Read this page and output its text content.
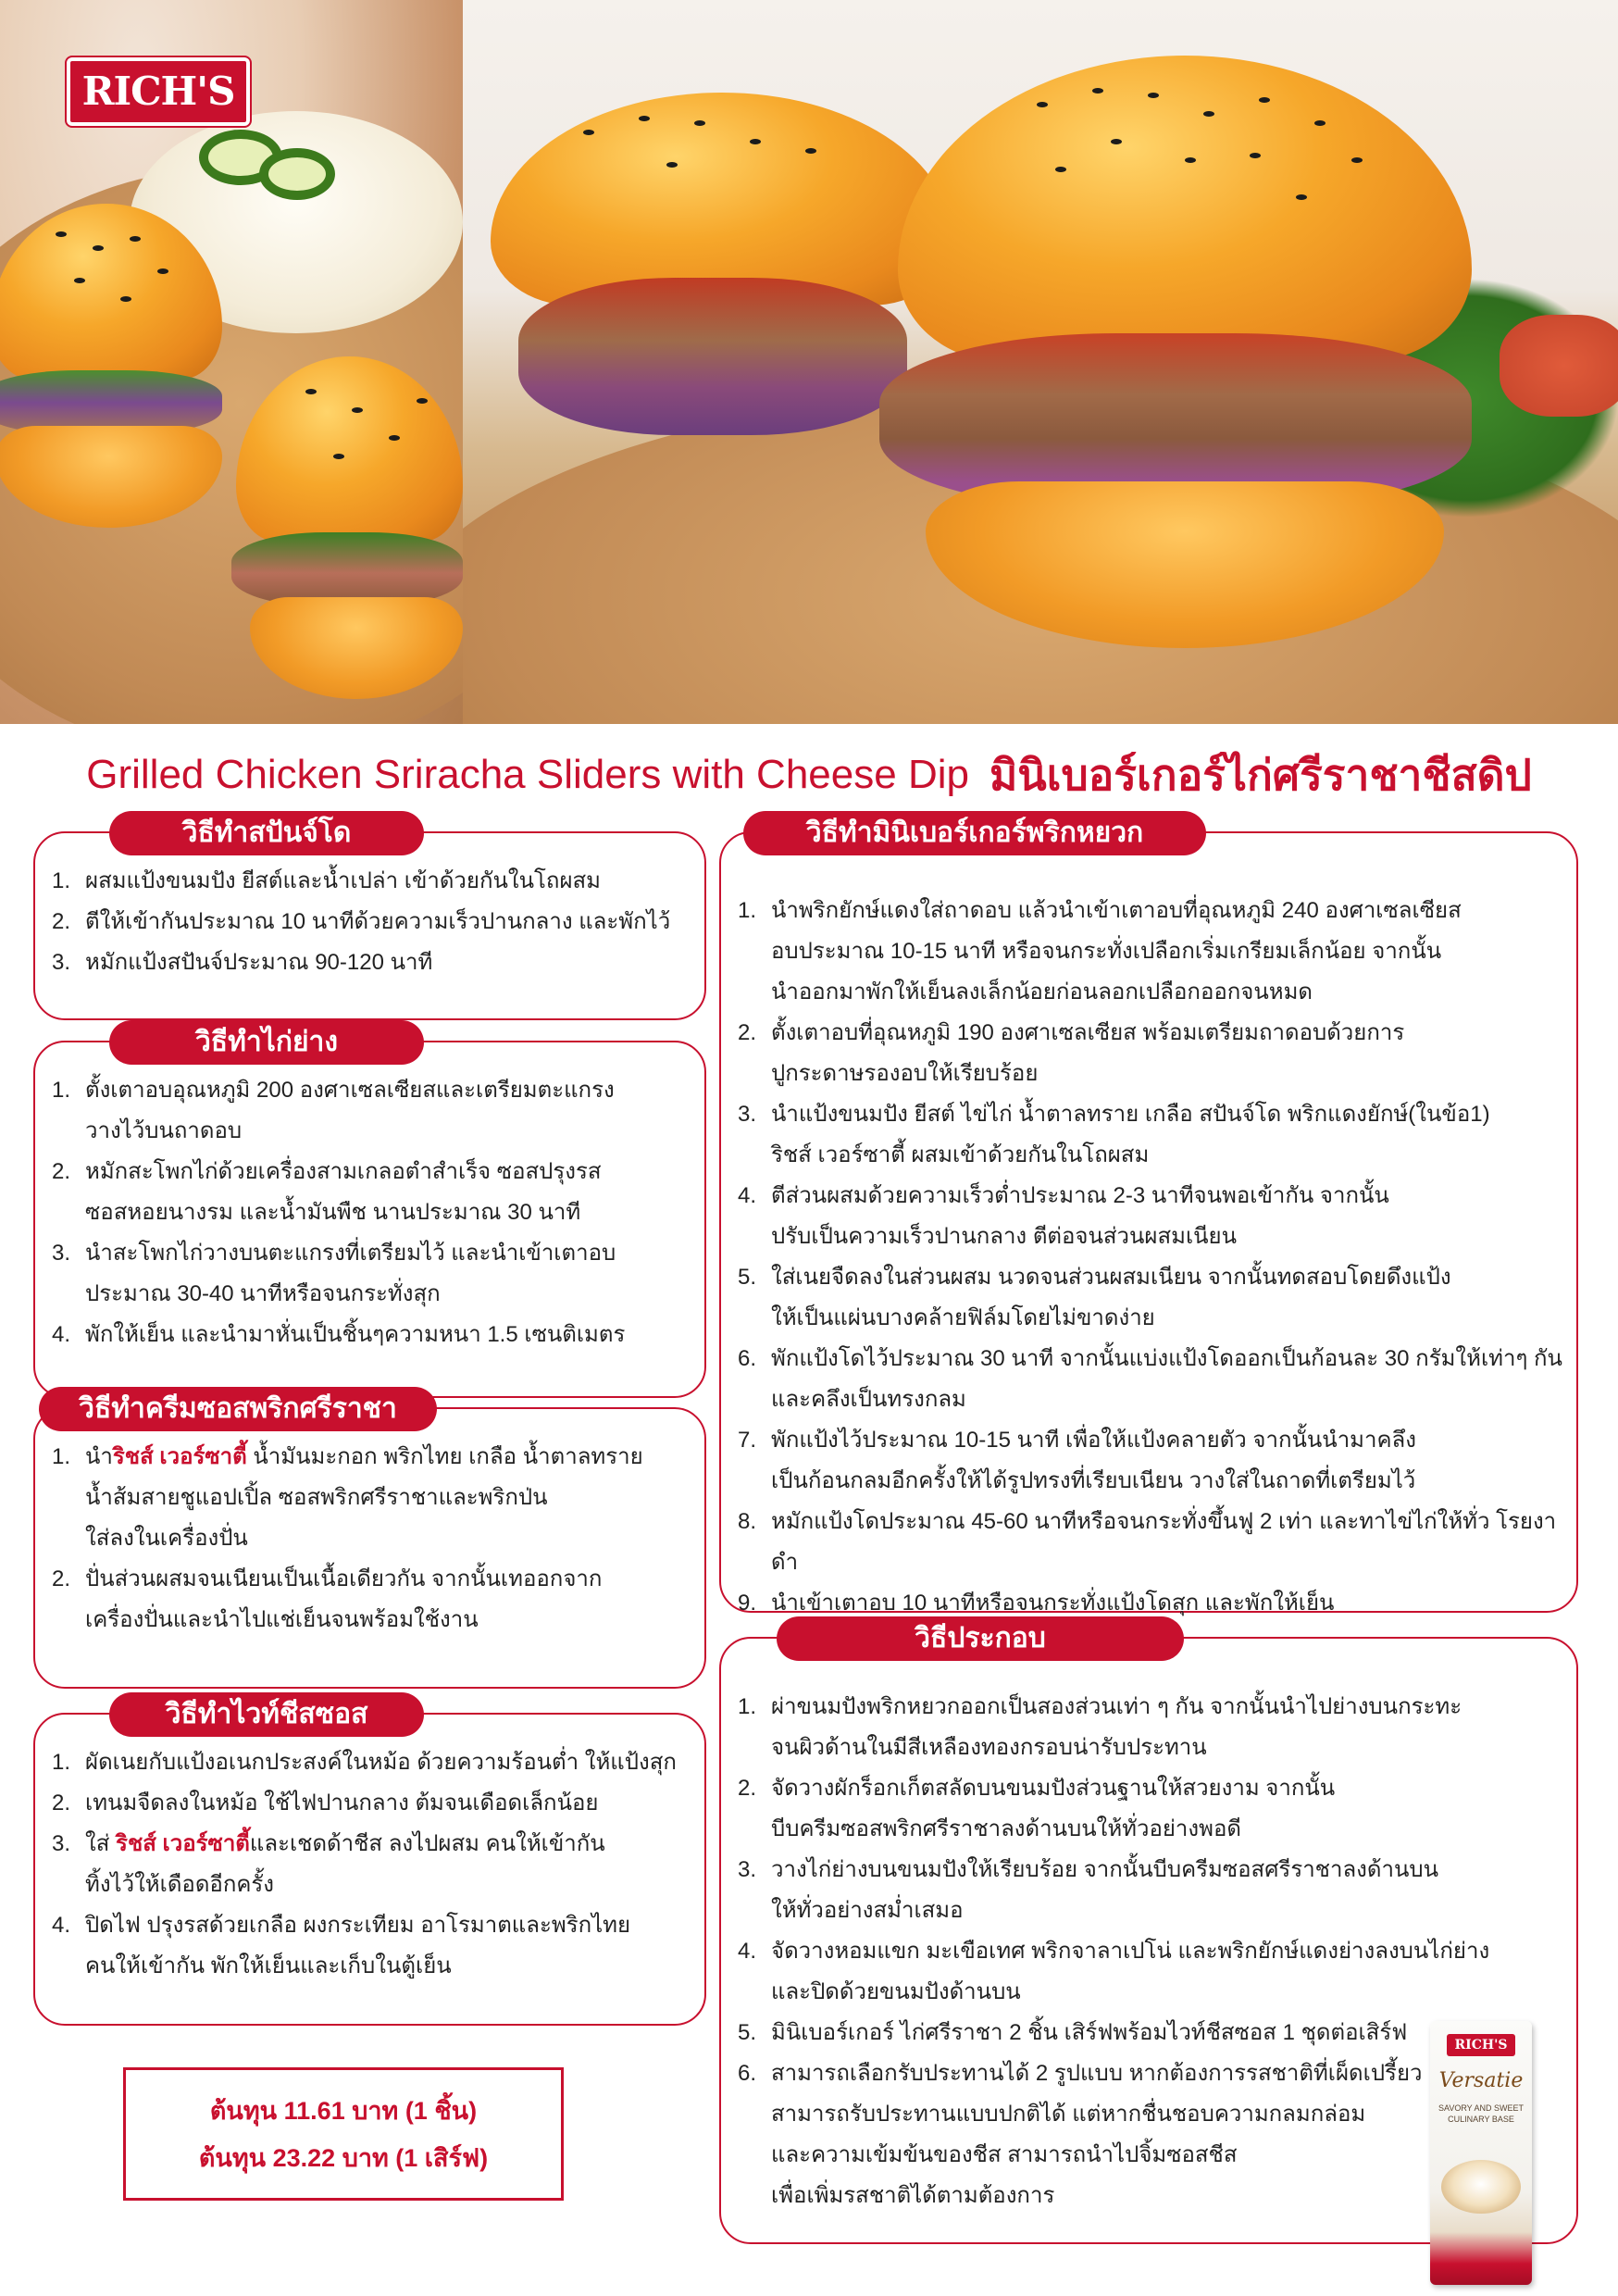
RICH'S
Grilled Chicken Sriracha Sliders with Cheese Dip มินิเบอร์เกอร์ไก่ศรีราชาชีสดิป
วิธีทำสปันจ์โด
1. ผสมแป้งขนมปัง ยีสต์และน้ำเปล่า เข้าด้วยกันในโถผสม
2. ตีให้เข้ากันประมาณ 10 นาทีด้วยความเร็วปานกลาง และพักไว้
3. หมักแป้งสปันจ์ประมาณ 90-120 นาที
วิธีทำไก่ย่าง
1. ตั้งเตาอบอุณหภูมิ 200 องศาเซลเซียสและเตรียมตะแกรง
วางไว้บนถาดอบ
2. หมักสะโพกไก่ด้วยเครื่องสามเกลอตำสำเร็จ ซอสปรุงรส
ซอสหอยนางรม และน้ำมันพืช นานประมาณ 30 นาที
3. นำสะโพกไก่วางบนตะแกรงที่เตรียมไว้ และนำเข้าเตาอบ
ประมาณ 30-40 นาทีหรือจนกระทั่งสุก
4. พักให้เย็น และนำมาหั่นเป็นชิ้นๆความหนา 1.5 เซนติเมตร
วิธีทำครีมซอสพริกศรีราชา
1. นำริชส์ เวอร์ซาตี้ น้ำมันมะกอก พริกไทย เกลือ น้ำตาลทราย
น้ำส้มสายชูแอปเปิ้ล ซอสพริกศรีราชาและพริกป่น
ใส่ลงในเครื่องปั่น
2. ปั่นส่วนผสมจนเนียนเป็นเนื้อเดียวกัน จากนั้นเทออกจาก
เครื่องปั่นและนำไปแช่เย็นจนพร้อมใช้งาน
วิธีทำไวท์ชีสซอส
1. ผัดเนยกับแป้งอเนกประสงค์ในหม้อ ด้วยความร้อนต่ำ ให้แป้งสุก
2. เทนมจืดลงในหม้อ ใช้ไฟปานกลาง ต้มจนเดือดเล็กน้อย
3. ใส่ ริชส์ เวอร์ซาตี้และเชดด้าชีส ลงไปผสม คนให้เข้ากัน
ทิ้งไว้ให้เดือดอีกครั้ง
4. ปิดไฟ ปรุงรสด้วยเกลือ ผงกระเทียม อาโรมาตและพริกไทย
คนให้เข้ากัน พักให้เย็นและเก็บในตู้เย็น
ต้นทุน 11.61 บาท (1 ชิ้น)
ต้นทุน 23.22 บาท (1 เสิร์ฟ)
วิธีทำมินิเบอร์เกอร์พริกหยวก
1. นำพริกยักษ์แดงใส่ถาดอบ แล้วนำเข้าเตาอบที่อุณหภูมิ 240 องศาเซลเซียส
อบประมาณ 10-15 นาที หรือจนกระทั่งเปลือกเริ่มเกรียมเล็กน้อย จากนั้น
นำออกมาพักให้เย็นลงเล็กน้อยก่อนลอกเปลือกออกจนหมด
2. ตั้งเตาอบที่อุณหภูมิ 190 องศาเซลเซียส พร้อมเตรียมถาดอบด้วยการ
ปูกระดาษรองอบให้เรียบร้อย
3. นำแป้งขนมปัง ยีสต์ ไข่ไก่ น้ำตาลทราย เกลือ สปันจ์โด พริกแดงยักษ์(ในข้อ1)
ริชส์ เวอร์ซาตี้ ผสมเข้าด้วยกันในโถผสม
4. ตีส่วนผสมด้วยความเร็วต่ำประมาณ 2-3 นาทีจนพอเข้ากัน จากนั้น
ปรับเป็นความเร็วปานกลาง ตีต่อจนส่วนผสมเนียน
5. ใส่เนยจืดลงในส่วนผสม นวดจนส่วนผสมเนียน จากนั้นทดสอบโดยดึงแป้ง
ให้เป็นแผ่นบางคล้ายฟิล์มโดยไม่ขาดง่าย
6. พักแป้งโดไว้ประมาณ 30 นาที จากนั้นแบ่งแป้งโดออกเป็นก้อนละ 30 กรัมให้เท่าๆ กัน
และคลึงเป็นทรงกลม
7. พักแป้งไว้ประมาณ 10-15 นาที เพื่อให้แป้งคลายตัว จากนั้นนำมาคลึง
เป็นก้อนกลมอีกครั้งให้ได้รูปทรงที่เรียบเนียน วางใส่ในถาดที่เตรียมไว้
8. หมักแป้งโดประมาณ 45-60 นาทีหรือจนกระทั่งขึ้นฟู 2 เท่า และทาไข่ไก่ให้ทั่ว โรยงาดำ
9. นำเข้าเตาอบ 10 นาทีหรือจนกระทั่งแป้งโดสุก และพักให้เย็น
วิธีประกอบ
1. ผ่าขนมปังพริกหยวกออกเป็นสองส่วนเท่า ๆ กัน จากนั้นนำไปย่างบนกระทะ
จนผิวด้านในมีสีเหลืองทองกรอบน่ารับประทาน
2. จัดวางผักร็อกเก็ตสลัดบนขนมปังส่วนฐานให้สวยงาม จากนั้น
บีบครีมซอสพริกศรีราชาลงด้านบนให้ทั่วอย่างพอดี
3. วางไก่ย่างบนขนมปังให้เรียบร้อย จากนั้นบีบครีมซอสศรีราชาลงด้านบน
ให้ทั่วอย่างสม่ำเสมอ
4. จัดวางหอมแขก มะเขือเทศ พริกจาลาเปโน่ และพริกยักษ์แดงย่างลงบนไก่ย่าง
และปิดด้วยขนมปังด้านบน
5. มินิเบอร์เกอร์ ไก่ศรีราชา 2 ชิ้น เสิร์ฟพร้อมไวท์ชีสซอส 1 ชุดต่อเสิร์ฟ
6. สามารถเลือกรับประทานได้ 2 รูปแบบ หากต้องการรสชาติที่เผ็ดเปรี้ยว
สามารถรับประทานแบบปกติได้ แต่หากชื่นชอบความกลมกล่อม
และความเข้มข้นของชีส สามารถนำไปจิ้มซอสชีส
เพื่อเพิ่มรสชาติได้ตามต้องการ
RICH'S
Versatie
SAVORY AND SWEET
CULINARY BASE
